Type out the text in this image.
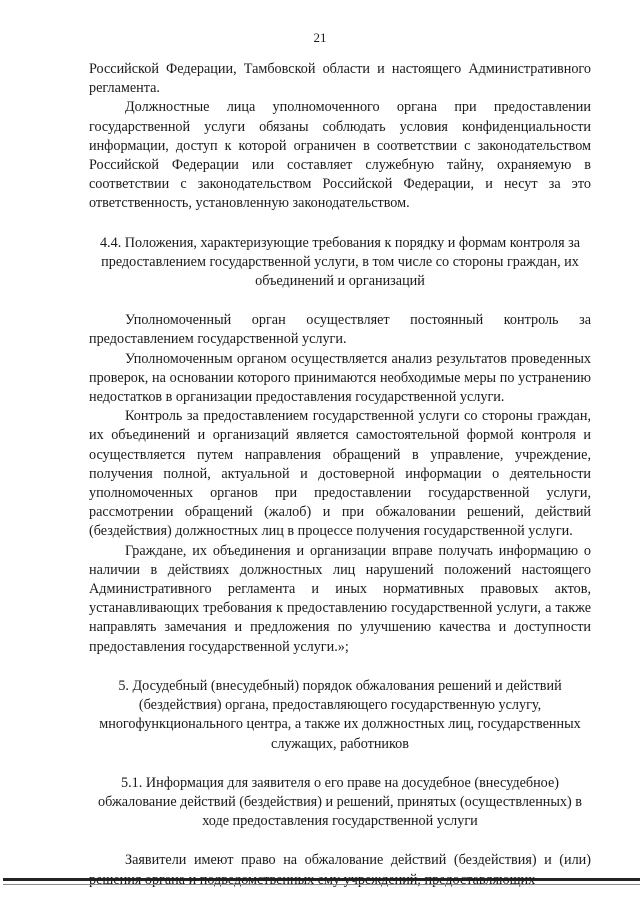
21

Российской Федерации, Тамбовской области и настоящего Административного регламента.

Должностные лица уполномоченного органа при предоставлении государственной услуги обязаны соблюдать условия конфиденциальности информации, доступ к которой ограничен в соответствии с законодательством Российской Федерации или составляет служебную тайну, охраняемую в соответствии с законодательством Российской Федерации, и несут за это ответственность, установленную законодательством.

4.4. Положения, характеризующие требования к порядку и формам контроля за предоставлением государственной услуги, в том числе со стороны граждан, их объединений и организаций

Уполномоченный орган осуществляет постоянный контроль за предоставлением государственной услуги.

Уполномоченным органом осуществляется анализ результатов проведенных проверок, на основании которого принимаются необходимые меры по устранению недостатков в организации предоставления государственной услуги.

Контроль за предоставлением государственной услуги со стороны граждан, их объединений и организаций является самостоятельной формой контроля и осуществляется путем направления обращений в управление, учреждение, получения полной, актуальной и достоверной информации о деятельности уполномоченных органов при предоставлении государственной услуги, рассмотрении обращений (жалоб) и при обжаловании решений, действий (бездействия) должностных лиц в процессе получения государственной услуги.

Граждане, их объединения и организации вправе получать информацию о наличии в действиях должностных лиц нарушений положений настоящего Административного регламента и иных нормативных правовых актов, устанавливающих требования к предоставлению государственной услуги, а также направлять замечания и предложения по улучшению качества и доступности предоставления государственной услуги.»;

5. Досудебный (внесудебный) порядок обжалования решений и действий (бездействия) органа, предоставляющего государственную услугу, многофункционального центра, а также их должностных лиц, государственных служащих, работников

5.1. Информация для заявителя о его праве на досудебное (внесудебное) обжалование действий (бездействия) и решений, принятых (осуществленных) в ходе предоставления государственной услуги

Заявители имеют право на обжалование действий (бездействия) и (или)
